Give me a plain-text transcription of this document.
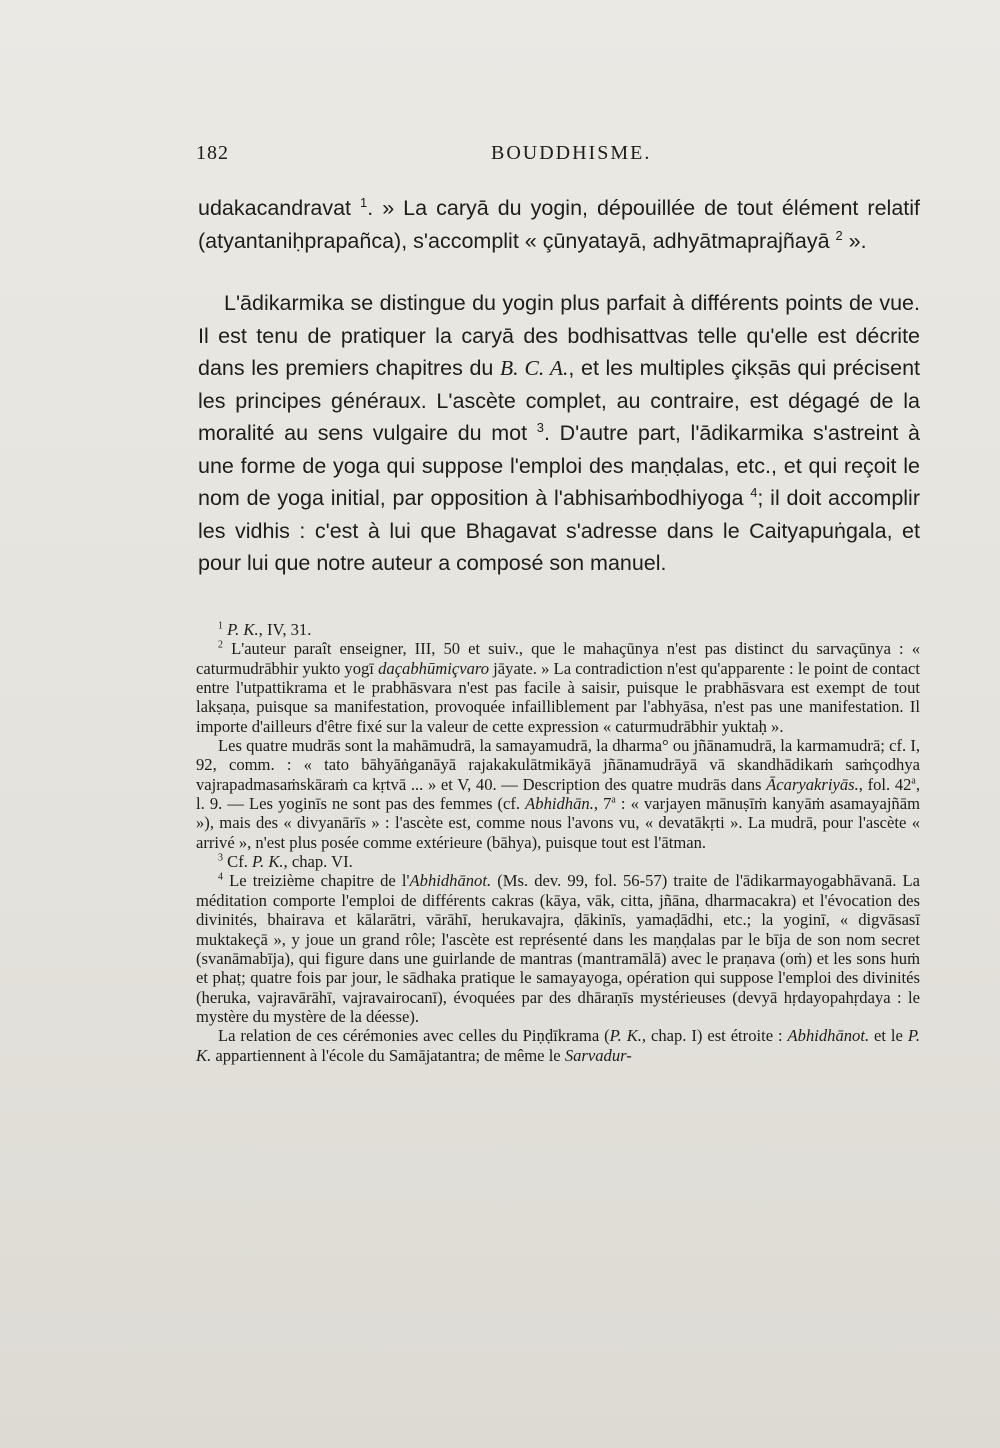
182	BOUDDHISME.

udakacandravat $^1$. » La caryā du yogin, dépouillée de tout élément relatif (atyantaniḥprapañca), s'accomplit « çūnyatayā, adhyātmaprajñayā $^2$ ».

L'ādikarmika se distingue du yogin plus parfait à différents points de vue. Il est tenu de pratiquer la caryā des bodhisattvas telle qu'elle est décrite dans les premiers chapitres du B. C. A., et les multiples çikṣās qui précisent les principes généraux. L'ascète complet, au contraire, est dégagé de la moralité au sens vulgaire du mot $^3$. D'autre part, l'ādikarmika s'astreint à une forme de yoga qui suppose l'emploi des maṇḍalas, etc., et qui reçoit le nom de yoga initial, par opposition à l'abhisaṁbodhiyoga $^4$; il doit accomplir les vidhis : c'est à lui que Bhagavat s'adresse dans le Caityapuṅgala, et pour lui que notre auteur a composé son manuel.

$^1$ P. K., IV, 31.

$^2$ L'auteur paraît enseigner, III, 50 et suiv., que le mahaçūnya n'est pas distinct du sarvaçūnya : « caturmudrābhir yukto yogī daçabhūmiçvaro jāyate. » La contradiction n'est qu'apparente : le point de contact entre l'utpattikrama et le prabhāsvara n'est pas facile à saisir, puisque le prabhāsvara est exempt de tout lakṣaṇa, puisque sa manifestation, provoquée infailliblement par l'abhyāsa, n'est pas une manifestation. Il importe d'ailleurs d'être fixé sur la valeur de cette expression « caturmudrābhir yuktaḥ ».

Les quatre mudrās sont la mahāmudrā, la samayamudrā, la dharma° ou jñānamudrā, la karmamudrā; cf. I, 92, comm. : « tato bāhyāṅganāyā rajakakulātmikāyā jñānamudrāyā vā skandhādikaṁ saṁçodhya vajrapadmasaṁskāraṁ ca kṛtvā ... » et V, 40. — Description des quatre mudrās dans Ācaryakriyās., fol. 42$^a$, l. 9. — Les yoginīs ne sont pas des femmes (cf. Abhidhān., 7$^a$ : « varjayen mānuṣīṁ kanyāṁ asamayajñām »), mais des « divyanārīs » : l'ascète est, comme nous l'avons vu, « devatākṛti ». La mudrā, pour l'ascète « arrivé », n'est plus posée comme extérieure (bāhya), puisque tout est l'ātman.

$^3$ Cf. P. K., chap. VI.

$^4$ Le treizième chapitre de l'Abhidhānot. (Ms. dev. 99, fol. 56-57) traite de l'ādikarmayogabhāvanā. La méditation comporte l'emploi de différents cakras (kāya, vāk, citta, jñāna, dharmacakra) et l'évocation des divinités, bhairava et kālarātri, vārāhī, herukavajra, ḍākinīs, yamaḍādhi, etc.; la yoginī, « digvāsasī muktakeçā », y joue un grand rôle; l'ascète est représenté dans les maṇḍalas par le bīja de son nom secret (svanāmabīja), qui figure dans une guirlande de mantras (mantramālā) avec le praṇava (oṁ) et les sons huṁ et phaṭ; quatre fois par jour, le sādhaka pratique le samayayoga, opération qui suppose l'emploi des divinités (heruka, vajravārāhī, vajravairocanī), évoquées par des dhāraṇīs mystérieuses (devyā hṛdayopahṛdaya : le mystère du mystère de la déesse).

La relation de ces cérémonies avec celles du Piṇḍīkrama (P. K., chap. I) est étroite : Abhidhānot. et le P. K. appartiennent à l'école du Samājatantra; de même le Sarvadur-
